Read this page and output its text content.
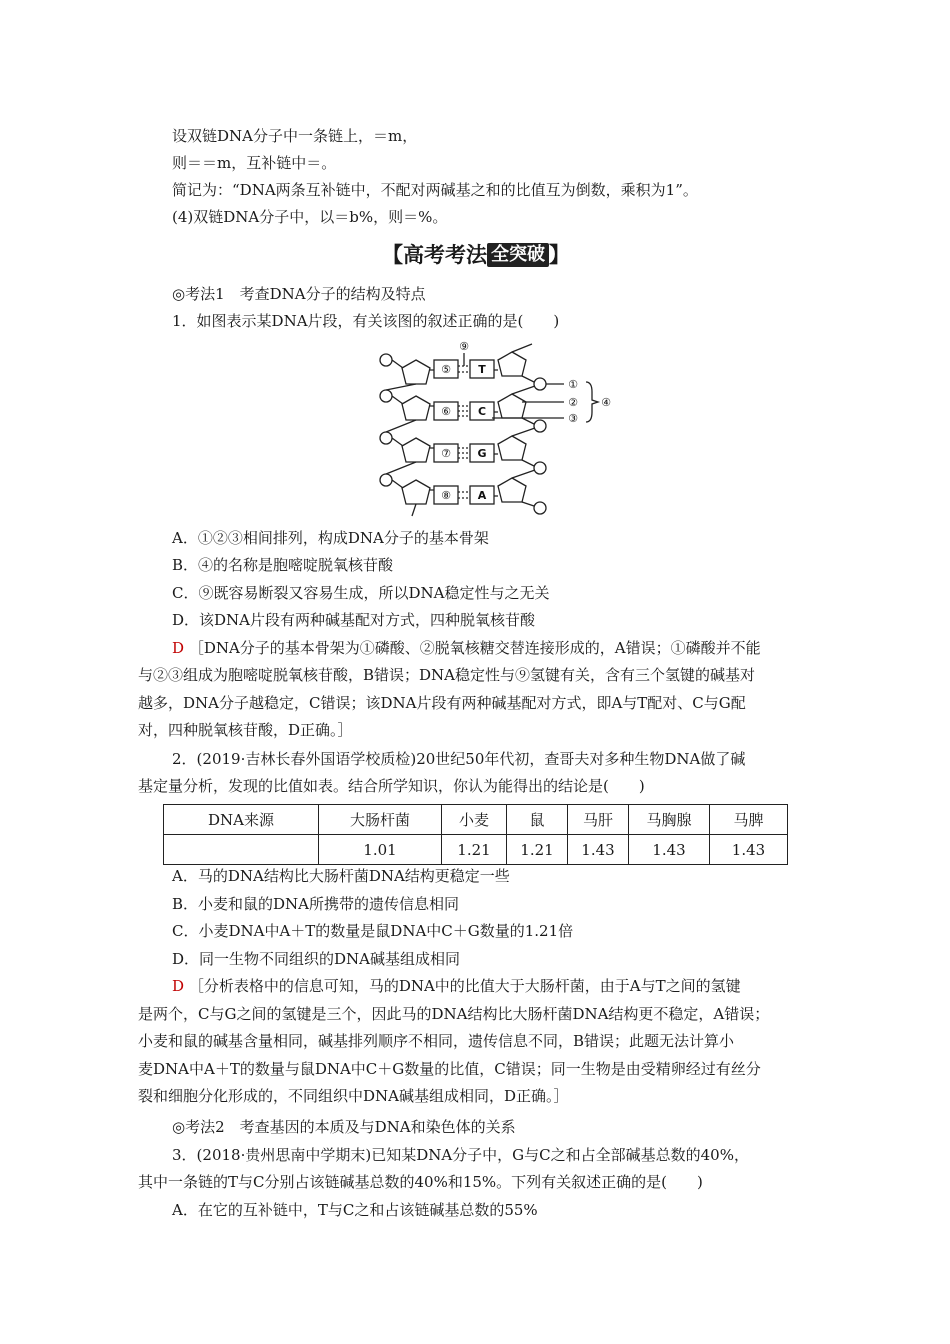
设双链DNA分子中一条链上，＝m，
则＝＝m，互补链中＝。
简记为：“DNA两条互补链中，不配对两碱基之和的比值互为倒数，乘积为1”。
(4)双链DNA分子中，以＝b%，则＝%。
【高考考法 全突破 】
QUANTUPO
◎考法1　考查DNA分子的结构及特点
1．如图表示某DNA片段，有关该图的叙述正确的是(　　)
⑤
⑥
⑦
⑧
⑨
T
C
G
A
①
②
③
④
A．①②③相间排列，构成DNA分子的基本骨架
B．④的名称是胞嘧啶脱氧核苷酸
C．⑨既容易断裂又容易生成，所以DNA稳定性与之无关
D．该DNA片段有两种碱基配对方式，四种脱氧核苷酸
D ［DNA分子的基本骨架为①磷酸、②脱氧核糖交替连接形成的，A错误；①磷酸并不能
与②③组成为胞嘧啶脱氧核苷酸，B错误；DNA稳定性与⑨氢键有关，含有三个氢键的碱基对
越多，DNA分子越稳定，C错误；该DNA片段有两种碱基配对方式，即A与T配对、C与G配
对，四种脱氧核苷酸，D正确。］
2．(2019·吉林长春外国语学校质检)20世纪50年代初，查哥夫对多种生物DNA做了碱
基定量分析，发现的比值如表。结合所学知识，你认为能得出的结论是(　　)
DNA来源	大肠杆菌	小麦	鼠	马肝	马胸腺	马脾
	1.01	1.21	1.21	1.43	1.43	1.43
A．马的DNA结构比大肠杆菌DNA结构更稳定一些
B．小麦和鼠的DNA所携带的遗传信息相同
C．小麦DNA中A＋T的数量是鼠DNA中C＋G数量的1.21倍
D．同一生物不同组织的DNA碱基组成相同
D ［分析表格中的信息可知，马的DNA中的比值大于大肠杆菌，由于A与T之间的氢键
是两个，C与G之间的氢键是三个，因此马的DNA结构比大肠杆菌DNA结构更不稳定，A错误；
小麦和鼠的碱基含量相同，碱基排列顺序不相同，遗传信息不同，B错误；此题无法计算小
麦DNA中A＋T的数量与鼠DNA中C＋G数量的比值，C错误；同一生物是由受精卵经过有丝分
裂和细胞分化形成的，不同组织中DNA碱基组成相同，D正确。］
◎考法2　考查基因的本质及与DNA和染色体的关系
3．(2018·贵州思南中学期末)已知某DNA分子中，G与C之和占全部碱基总数的40%，
其中一条链的T与C分别占该链碱基总数的40%和15%。下列有关叙述正确的是(　　)
A．在它的互补链中，T与C之和占该链碱基总数的55%
